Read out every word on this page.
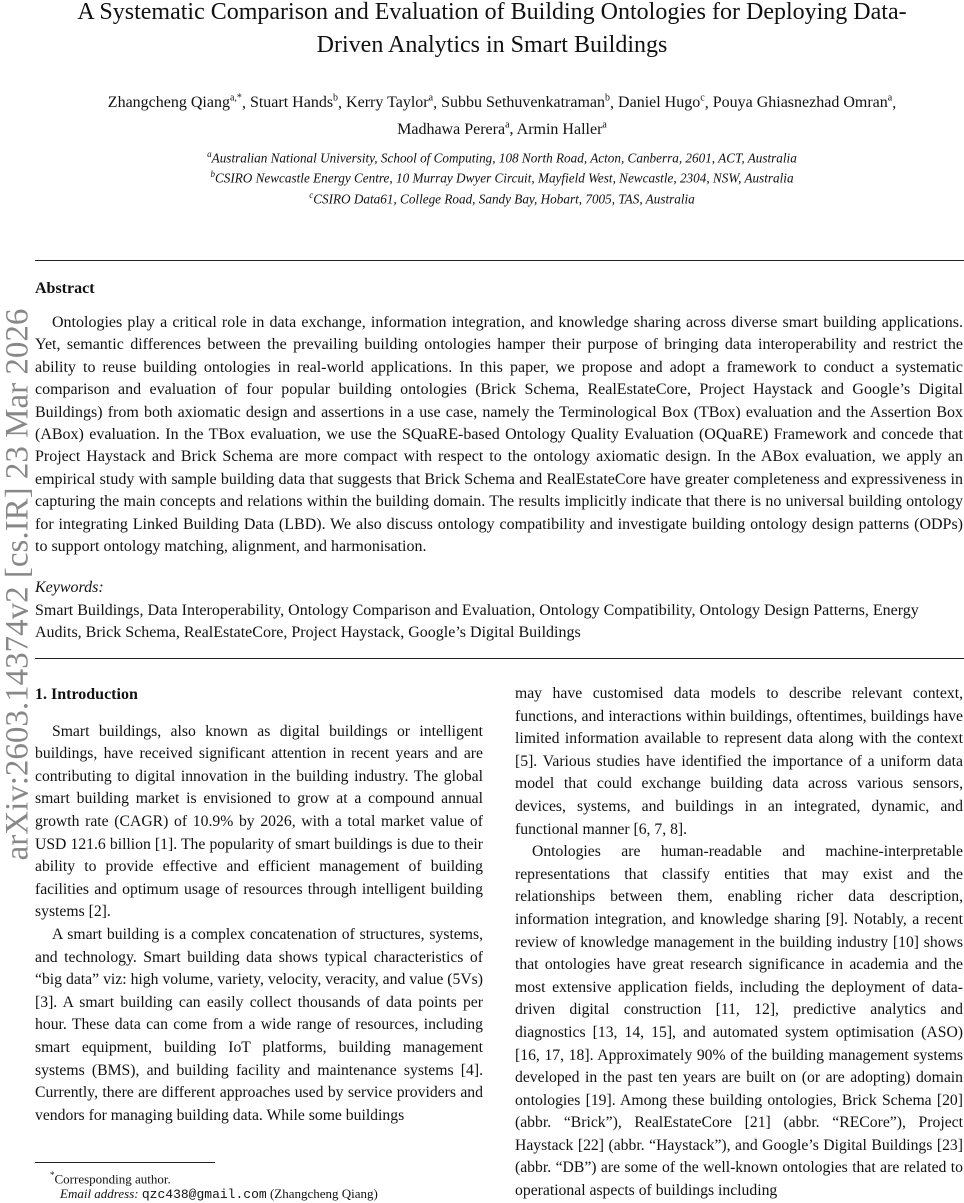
arXiv:2603.14374v2 [cs.IR] 23 Mar 2026
A Systematic Comparison and Evaluation of Building Ontologies for Deploying Data-Driven Analytics in Smart Buildings
Zhangcheng Qiang$^{a,*}$, Stuart Hands$^b$, Kerry Taylor$^a$, Subbu Sethuvenkatraman$^b$, Daniel Hugo$^c$, Pouya Ghiasnezhad Omran$^a$,
Madhawa Perera$^a$, Armin Haller$^a$
$^a$Australian National University, School of Computing, 108 North Road, Acton, Canberra, 2601, ACT, Australia
$^b$CSIRO Newcastle Energy Centre, 10 Murray Dwyer Circuit, Mayfield West, Newcastle, 2304, NSW, Australia
$^c$CSIRO Data61, College Road, Sandy Bay, Hobart, 7005, TAS, Australia
Abstract

Ontologies play a critical role in data exchange, information integration, and knowledge sharing across diverse smart building applications. Yet, semantic differences between the prevailing building ontologies hamper their purpose of bringing data interoperability and restrict the ability to reuse building ontologies in real-world applications. In this paper, we propose and adopt a framework to conduct a systematic comparison and evaluation of four popular building ontologies (Brick Schema, RealEstateCore, Project Haystack and Google’s Digital Buildings) from both axiomatic design and assertions in a use case, namely the Terminological Box (TBox) evaluation and the Assertion Box (ABox) evaluation. In the TBox evaluation, we use the SQuaRE-based Ontology Quality Evaluation (OQuaRE) Framework and concede that Project Haystack and Brick Schema are more compact with respect to the ontology axiomatic design. In the ABox evaluation, we apply an empirical study with sample building data that suggests that Brick Schema and RealEstateCore have greater completeness and expressiveness in capturing the main concepts and relations within the building domain. The results implicitly indicate that there is no universal building ontology for integrating Linked Building Data (LBD). We also discuss ontology compatibility and investigate building ontology design patterns (ODPs) to support ontology matching, alignment, and harmonisation.

Keywords:
Smart Buildings, Data Interoperability, Ontology Comparison and Evaluation, Ontology Compatibility, Ontology Design Patterns, Energy Audits, Brick Schema, RealEstateCore, Project Haystack, Google’s Digital Buildings
1. Introduction

Smart buildings, also known as digital buildings or intelligent buildings, have received significant attention in recent years and are contributing to digital innovation in the building industry. The global smart building market is envisioned to grow at a compound annual growth rate (CAGR) of 10.9% by 2026, with a total market value of USD 121.6 billion [1]. The popularity of smart buildings is due to their ability to provide effective and efficient management of building facilities and optimum usage of resources through intelligent building systems [2].

A smart building is a complex concatenation of structures, systems, and technology. Smart building data shows typical characteristics of “big data” viz: high volume, variety, velocity, veracity, and value (5Vs) [3]. A smart building can easily collect thousands of data points per hour. These data can come from a wide range of resources, including smart equipment, building IoT platforms, building management systems (BMS), and building facility and maintenance systems [4]. Currently, there are different approaches used by service providers and vendors for managing building data. While some buildings

may have customised data models to describe relevant context, functions, and interactions within buildings, oftentimes, buildings have limited information available to represent data along with the context [5]. Various studies have identified the importance of a uniform data model that could exchange building data across various sensors, devices, systems, and buildings in an integrated, dynamic, and functional manner [6, 7, 8].

Ontologies are human-readable and machine-interpretable representations that classify entities that may exist and the relationships between them, enabling richer data description, information integration, and knowledge sharing [9]. Notably, a recent review of knowledge management in the building industry [10] shows that ontologies have great research significance in academia and the most extensive application fields, including the deployment of data-driven digital construction [11, 12], predictive analytics and diagnostics [13, 14, 15], and automated system optimisation (ASO) [16, 17, 18]. Approximately 90% of the building management systems developed in the past ten years are built on (or are adopting) domain ontologies [19]. Among these building ontologies, Brick Schema [20] (abbr. “Brick”), RealEstateCore [21] (abbr. “RECore”), Project Haystack [22] (abbr. “Haystack”), and Google’s Digital Buildings [23] (abbr. “DB”) are some of the well-known ontologies that are related to operational aspects of buildings including

*Corresponding author.
Email address: qzc438@gmail.com (Zhangcheng Qiang)
